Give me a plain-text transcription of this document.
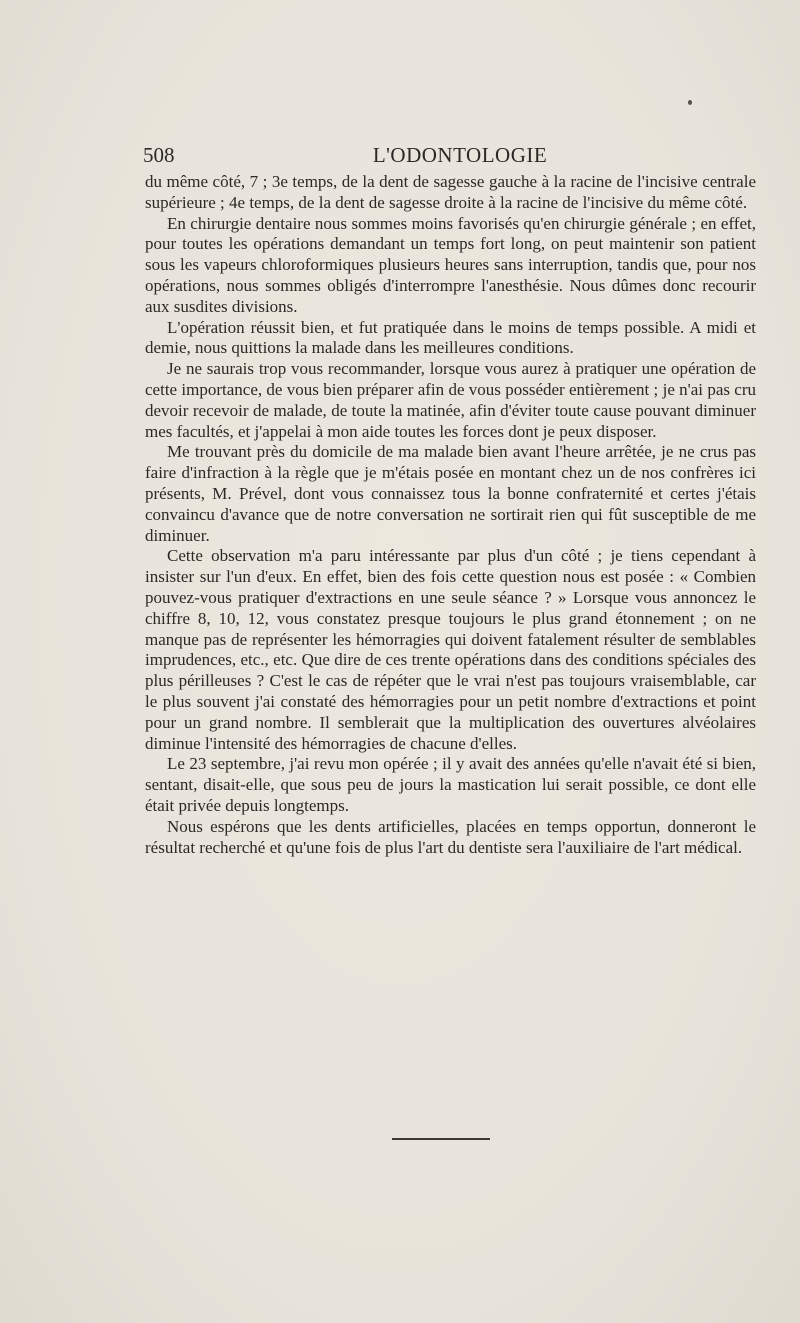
508	L'ODONTOLOGIE

du même côté, 7 ; 3e temps, de la dent de sagesse gauche à la racine de l'incisive centrale supérieure ; 4e temps, de la dent de sagesse droite à la racine de l'incisive du même côté.

En chirurgie dentaire nous sommes moins favorisés qu'en chirurgie générale ; en effet, pour toutes les opérations demandant un temps fort long, on peut maintenir son patient sous les vapeurs chloroformiques plusieurs heures sans interruption, tandis que, pour nos opérations, nous sommes obligés d'interrompre l'anesthésie. Nous dûmes donc recourir aux susdites divisions.

L'opération réussit bien, et fut pratiquée dans le moins de temps possible. A midi et demie, nous quittions la malade dans les meilleures conditions.

Je ne saurais trop vous recommander, lorsque vous aurez à pratiquer une opération de cette importance, de vous bien préparer afin de vous posséder entièrement ; je n'ai pas cru devoir recevoir de malade, de toute la matinée, afin d'éviter toute cause pouvant diminuer mes facultés, et j'appelai à mon aide toutes les forces dont je peux disposer.

Me trouvant près du domicile de ma malade bien avant l'heure arrêtée, je ne crus pas faire d'infraction à la règle que je m'étais posée en montant chez un de nos confrères ici présents, M. Prével, dont vous connaissez tous la bonne confraternité et certes j'étais convaincu d'avance que de notre conversation ne sortirait rien qui fût susceptible de me diminuer.

Cette observation m'a paru intéressante par plus d'un côté ; je tiens cependant à insister sur l'un d'eux. En effet, bien des fois cette question nous est posée : « Combien pouvez-vous pratiquer d'extractions en une seule séance ? » Lorsque vous annoncez le chiffre 8, 10, 12, vous constatez presque toujours le plus grand étonnement ; on ne manque pas de représenter les hémorragies qui doivent fatalement résulter de semblables imprudences, etc., etc. Que dire de ces trente opérations dans des conditions spéciales des plus périlleuses ? C'est le cas de répéter que le vrai n'est pas toujours vraisemblable, car le plus souvent j'ai constaté des hémorragies pour un petit nombre d'extractions et point pour un grand nombre. Il semblerait que la multiplication des ouvertures alvéolaires diminue l'intensité des hémorragies de chacune d'elles.

Le 23 septembre, j'ai revu mon opérée ; il y avait des années qu'elle n'avait été si bien, sentant, disait-elle, que sous peu de jours la mastication lui serait possible, ce dont elle était privée depuis longtemps.

Nous espérons que les dents artificielles, placées en temps opportun, donneront le résultat recherché et qu'une fois de plus l'art du dentiste sera l'auxiliaire de l'art médical.
